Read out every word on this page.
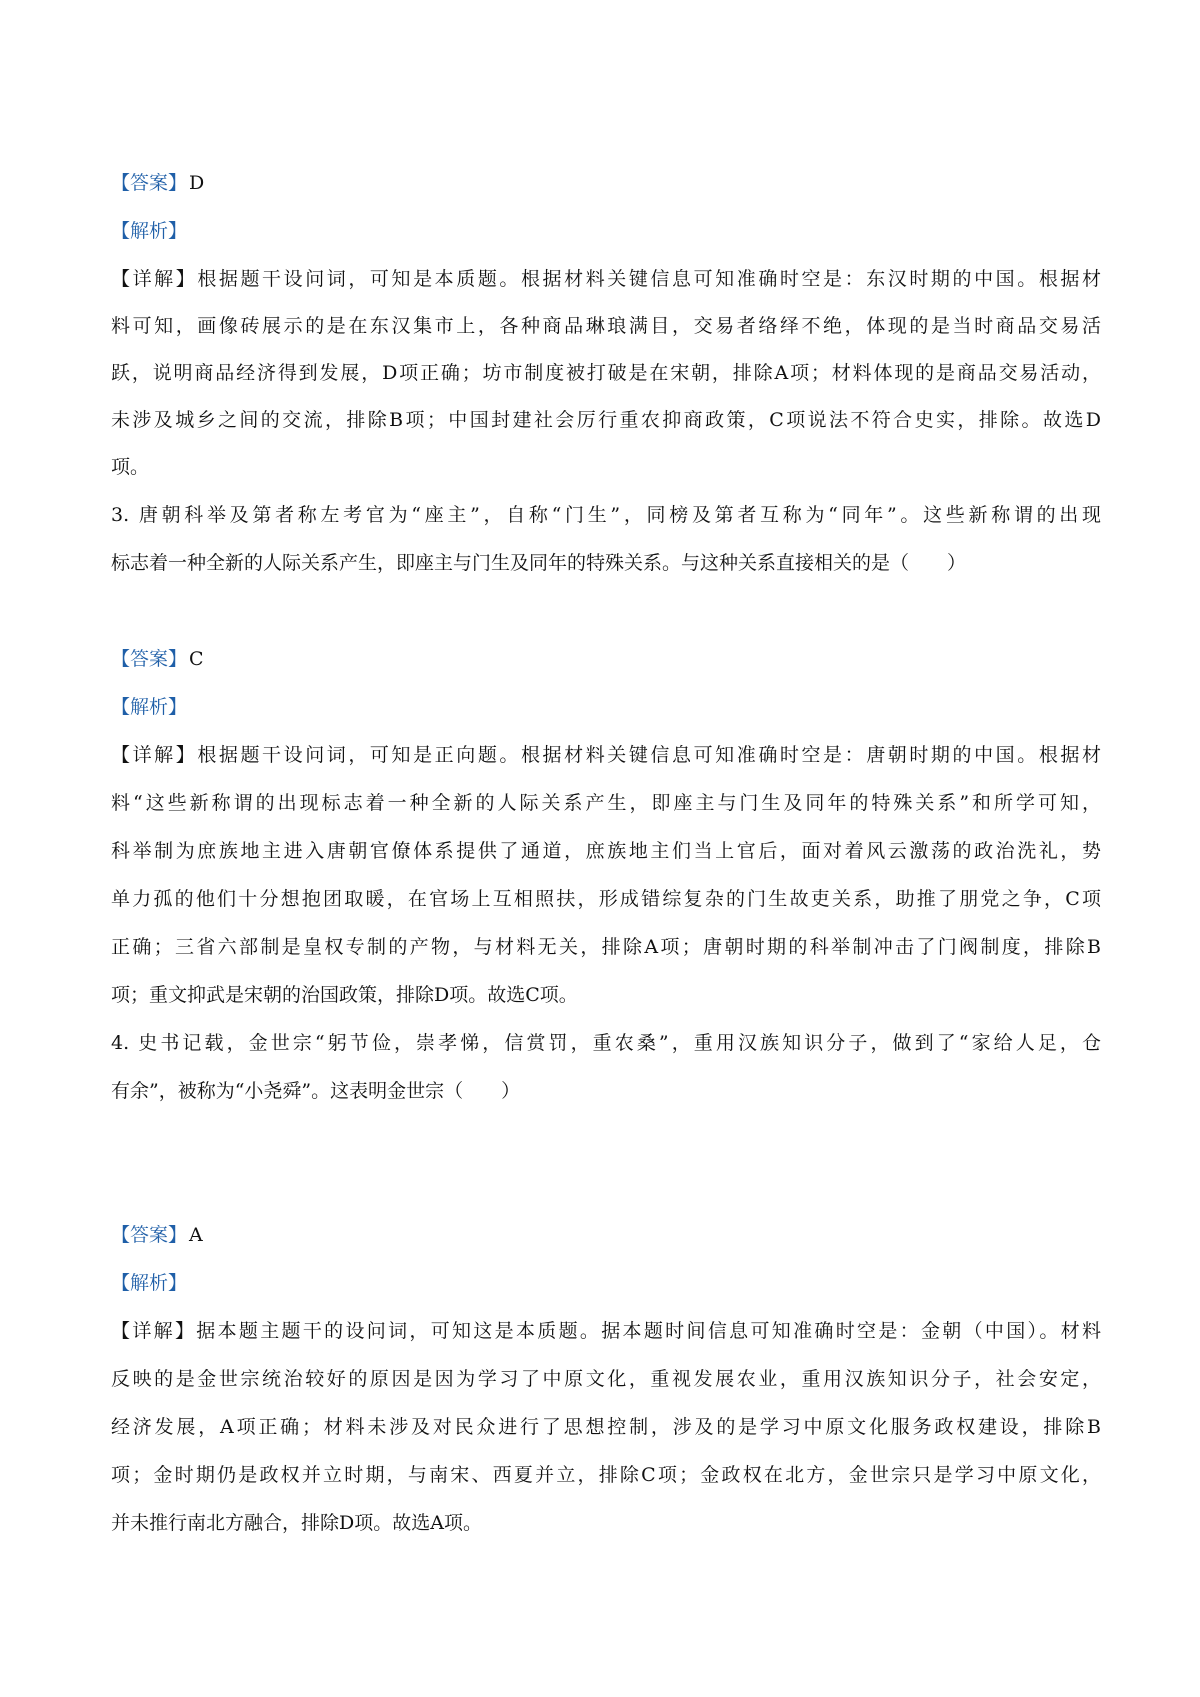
【答案】 D
【解析】
【详解】根据题干设问词，可知是本质题。根据材料关键信息可知准确时空是：东汉时期的中国。根据材
料可知，画像砖展示的是在东汉集市上，各种商品琳琅满目，交易者络绎不绝，体现的是当时商品交易活
跃，说明商品经济得到发展，D项正确；坊市制度被打破是在宋朝，排除A项；材料体现的是商品交易活动，
未涉及城乡之间的交流，排除B项；中国封建社会厉行重农抑商政策，C项说法不符合史实，排除。故选D
项。
3. 唐朝科举及第者称左考官为“座主”，自称“门生”，同榜及第者互称为“同年”。这些新称谓的出现
标志着一种全新的人际关系产生，即座主与门生及同年的特殊关系。与这种关系直接相关的是（　　）
【答案】 C
【解析】
【详解】根据题干设问词，可知是正向题。根据材料关键信息可知准确时空是：唐朝时期的中国。根据材
料“这些新称谓的出现标志着一种全新的人际关系产生，即座主与门生及同年的特殊关系”和所学可知，
科举制为庶族地主进入唐朝官僚体系提供了通道，庶族地主们当上官后，面对着风云激荡的政治洗礼，势
单力孤的他们十分想抱团取暖，在官场上互相照扶，形成错综复杂的门生故吏关系，助推了朋党之争，C项
正确；三省六部制是皇权专制的产物，与材料无关，排除A项；唐朝时期的科举制冲击了门阀制度，排除B
项；重文抑武是宋朝的治国政策，排除D项。故选C项。
4. 史书记载，金世宗“躬节俭，崇孝悌，信赏罚，重农桑”，重用汉族知识分子，做到了“家给人足，仓
有余”，被称为“小尧舜”。这表明金世宗（　　）
【答案】 A
【解析】
【详解】据本题主题干的设问词，可知这是本质题。据本题时间信息可知准确时空是：金朝（中国）。材料
反映的是金世宗统治较好的原因是因为学习了中原文化，重视发展农业，重用汉族知识分子，社会安定，
经济发展，A项正确；材料未涉及对民众进行了思想控制，涉及的是学习中原文化服务政权建设，排除B
项；金时期仍是政权并立时期，与南宋、西夏并立，排除C项；金政权在北方，金世宗只是学习中原文化，
并未推行南北方融合，排除D项。故选A项。
